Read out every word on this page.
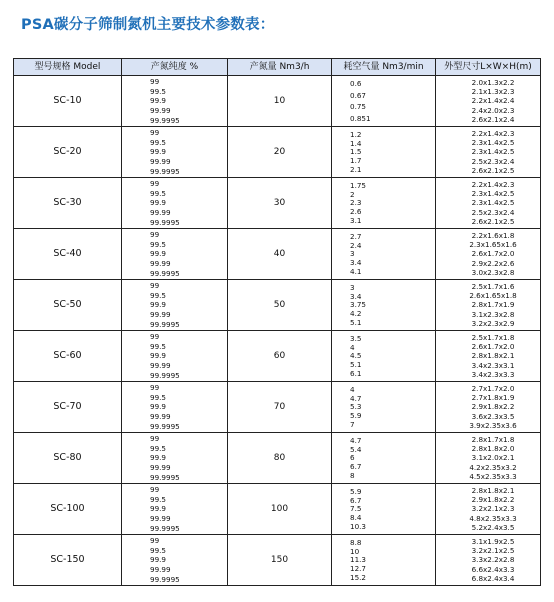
PSA碳分子筛制氮机主要技术参数表：
型号规格 Model	产氮纯度 %	产氮量 Nm3/h	耗空气量 Nm3/min	外型尺寸L×W×H(m)
SC-10	99
99.5
99.9
99.99
99.9995	10	0.6
0.67
0.75
0.851	2.0x1.3x2.2
2.1x1.3x2.3
2.2x1.4x2.4
2.4x2.0x2.3
2.6x2.1x2.4

SC-20	99
99.5
99.9
99.99
99.9995	20	1.2
1.4
1.5
1.7
2.1	2.2x1.4x2.3
2.3x1.4x2.5
2.3x1.4x2.5
2.5x2.3x2.4
2.6x2.1x2.5

SC-30	99
99.5
99.9
99.99
99.9995	30	1.75
2
2.3
2.6
3.1	2.2x1.4x2.3
2.3x1.4x2.5
2.3x1.4x2.5
2.5x2.3x2.4
2.6x2.1x2.5

SC-40	99
99.5
99.9
99.99
99.9995	40	2.7
2.4
3
3.4
4.1	2.2x1.6x1.8
2.3x1.65x1.6
2.6x1.7x2.0
2.9x2.2x2.6
3.0x2.3x2.8

SC-50	99
99.5
99.9
99.99
99.9995	50	3
3.4
3.75
4.2
5.1	2.5x1.7x1.6
2.6x1.65x1.8
2.8x1.7x1.9
3.1x2.3x2.8
3.2x2.3x2.9

SC-60	99
99.5
99.9
99.99
99.9995	60	3.5
4
4.5
5.1
6.1	2.5x1.7x1.8
2.6x1.7x2.0
2.8x1.8x2.1
3.4x2.3x3.1
3.4x2.3x3.3

SC-70	99
99.5
99.9
99.99
99.9995	70	4
4.7
5.3
5.9
7	2.7x1.7x2.0
2.7x1.8x1.9
2.9x1.8x2.2
3.6x2.3x3.5
3.9x2.35x3.6

SC-80	99
99.5
99.9
99.99
99.9995	80	4.7
5.4
6
6.7
8	2.8x1.7x1.8
2.8x1.8x2.0
3.1x2.0x2.1
4.2x2.35x3.2
4.5x2.35x3.3

SC-100	99
99.5
99.9
99.99
99.9995	100	5.9
6.7
7.5
8.4
10.3	2.8x1.8x2.1
2.9x1.8x2.2
3.2x2.1x2.3
4.8x2.35x3.3
5.2x2.4x3.5

SC-150	99
99.5
99.9
99.99
99.9995	150	8.8
10
11.3
12.7
15.2	3.1x1.9x2.5
3.2x2.1x2.5
3.3x2.2x2.8
6.6x2.4x3.3
6.8x2.4x3.4
